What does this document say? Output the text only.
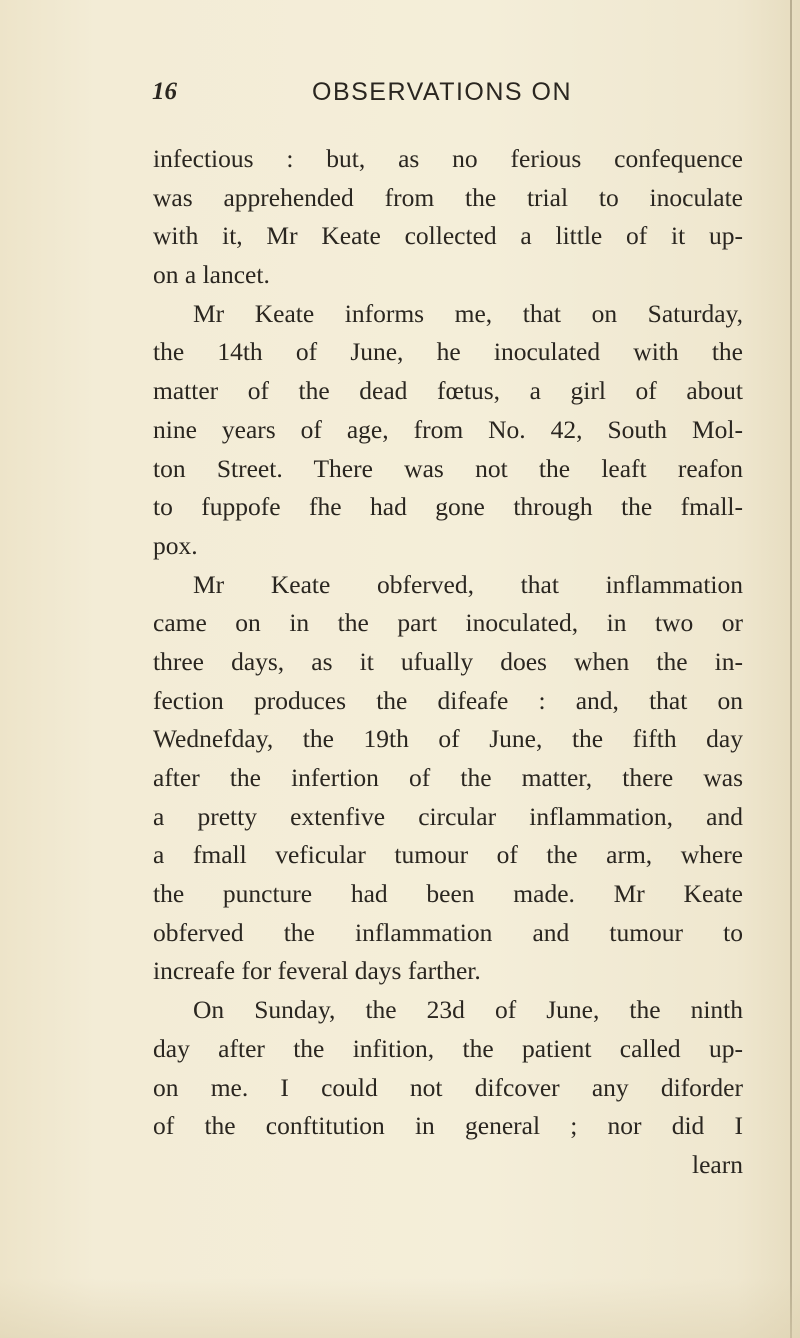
16	OBSERVATIONS ON
infectious : but, as no ferious confequence
was apprehended from the trial to inoculate
with it, Mr Keate collected a little of it up-
on a lancet.
Mr Keate informs me, that on Saturday,
the 14th of June, he inoculated with the
matter of the dead fœtus, a girl of about
nine years of age, from No. 42, South Mol-
ton Street. There was not the leaft reafon
to fuppofe fhe had gone through the fmall-
pox.
Mr Keate obferved, that inflammation
came on in the part inoculated, in two or
three days, as it ufually does when the in-
fection produces the difeafe : and, that on
Wednefday, the 19th of June, the fifth day
after the infertion of the matter, there was
a pretty extenfive circular inflammation, and
a fmall veficular tumour of the arm, where
the puncture had been made. Mr Keate
obferved the inflammation and tumour to
increafe for feveral days farther.
On Sunday, the 23d of June, the ninth
day after the infition, the patient called up-
on me. I could not difcover any diforder
of the conftitution in general ; nor did I
learn
